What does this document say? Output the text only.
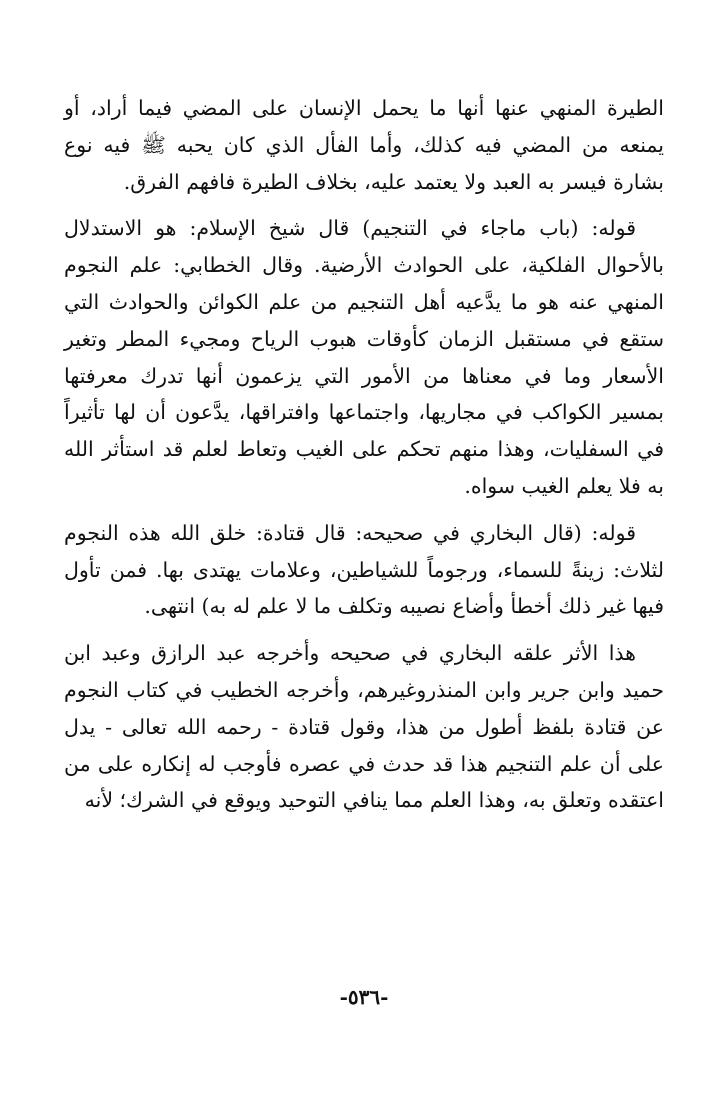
الطيرة المنهي عنها أنها ما يحمل الإنسان على المضي فيما أراد، أو يمنعه من المضي فيه كذلك، وأما الفأل الذي كان يحبه ﷺ فيه نوع بشارة فيسر به العبد ولا يعتمد عليه، بخلاف الطيرة فافهم الفرق.

قوله: (باب ماجاء في التنجيم) قال شيخ الإسلام: هو الاستدلال بالأحوال الفلكية، على الحوادث الأرضية. وقال الخطابي: علم النجوم المنهي عنه هو ما يدَّعيه أهل التنجيم من علم الكوائن والحوادث التي ستقع في مستقبل الزمان كأوقات هبوب الرياح ومجيء المطر وتغير الأسعار وما في معناها من الأمور التي يزعمون أنها تدرك معرفتها بمسير الكواكب في مجاريها، واجتماعها وافتراقها، يدَّعون أن لها تأثيراً في السفليات، وهذا منهم تحكم على الغيب وتعاط لعلم قد استأثر الله به فلا يعلم الغيب سواه.

قوله: (قال البخاري في صحيحه: قال قتادة: خلق الله هذه النجوم لثلاث: زينةً للسماء، ورجوماً للشياطين، وعلامات يهتدى بها. فمن تأول فيها غير ذلك أخطأ وأضاع نصيبه وتكلف ما لا علم له به) انتهى.

هذا الأثر علقه البخاري في صحيحه وأخرجه عبد الرازق وعبد ابن حميد وابن جرير وابن المنذروغيرهم، وأخرجه الخطيب في كتاب النجوم عن قتادة بلفظ أطول من هذا، وقول قتادة - رحمه الله تعالى - يدل على أن علم التنجيم هذا قد حدث في عصره فأوجب له إنكاره على من اعتقده وتعلق به، وهذا العلم مما ينافي التوحيد ويوقع في الشرك؛ لأنه

-٥٣٦-
